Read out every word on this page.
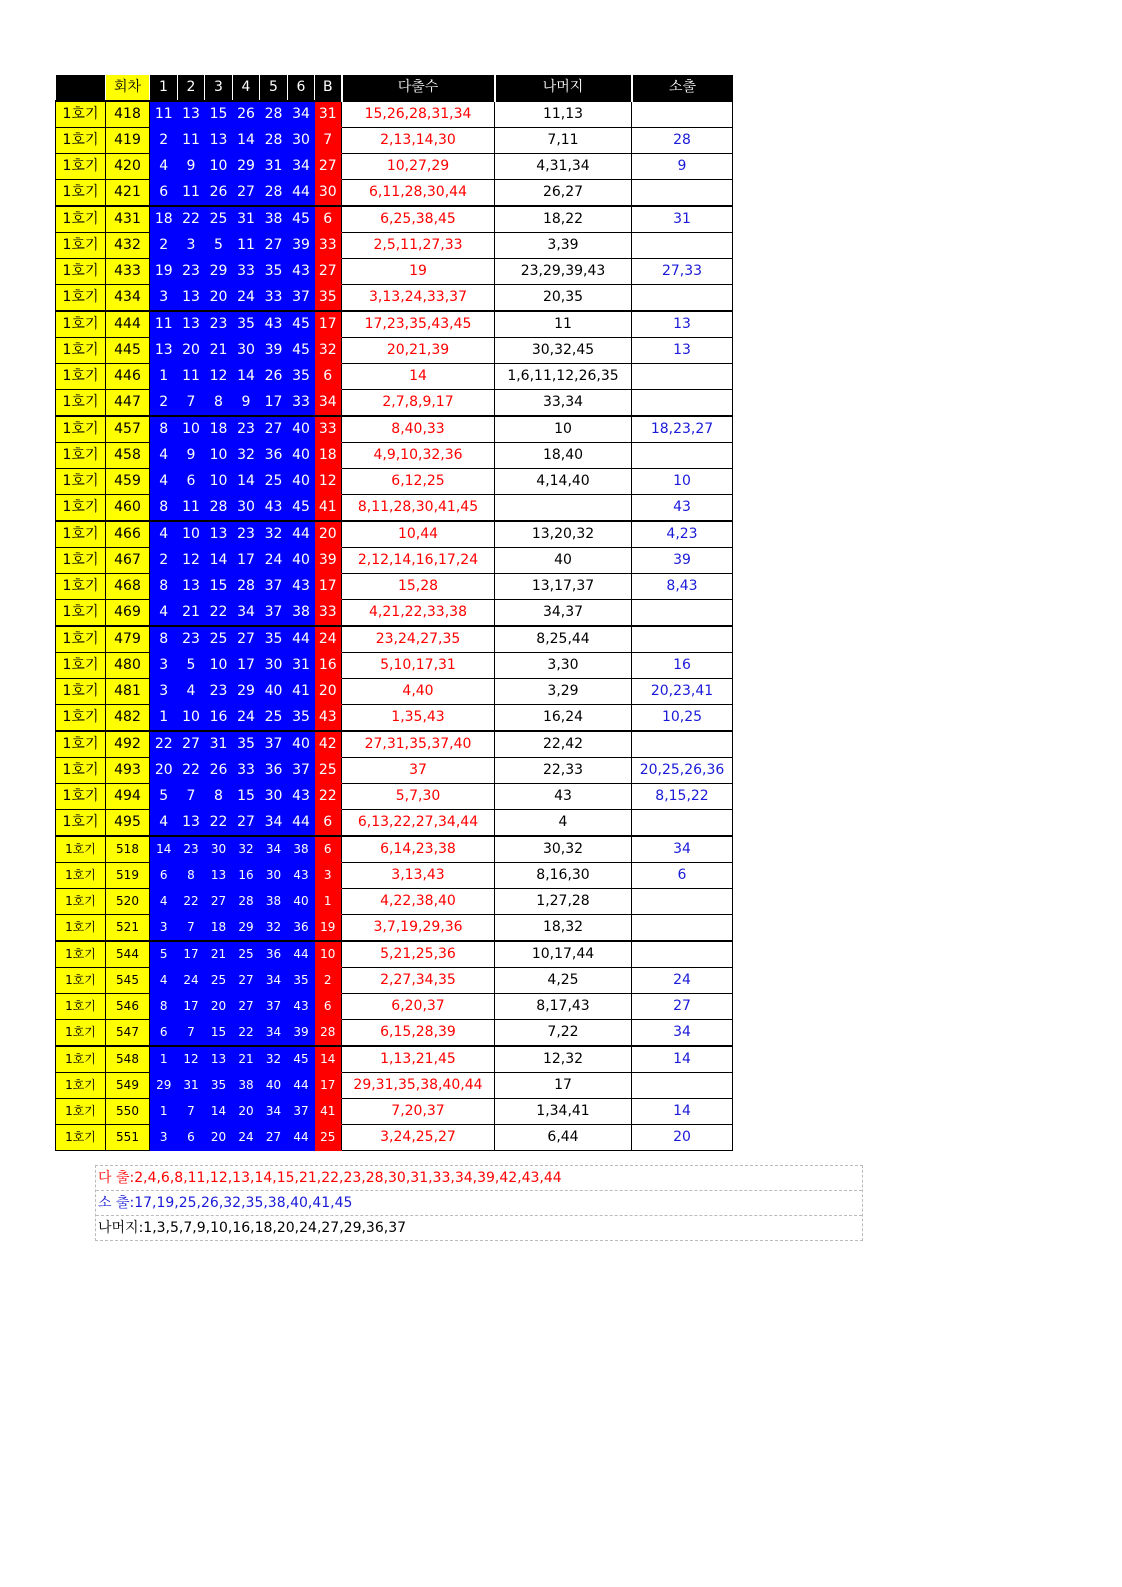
	회차	1	2	3	4	5	6	B	다출수	나머지	소출
1호기	418	11	13	15	26	28	34	31	15,26,28,31,34	11,13	
1호기	419	2	11	13	14	28	30	7	2,13,14,30	7,11	28
1호기	420	4	9	10	29	31	34	27	10,27,29	4,31,34	9
1호기	421	6	11	26	27	28	44	30	6,11,28,30,44	26,27	
1호기	431	18	22	25	31	38	45	6	6,25,38,45	18,22	31
1호기	432	2	3	5	11	27	39	33	2,5,11,27,33	3,39	
1호기	433	19	23	29	33	35	43	27	19	23,29,39,43	27,33
1호기	434	3	13	20	24	33	37	35	3,13,24,33,37	20,35	
1호기	444	11	13	23	35	43	45	17	17,23,35,43,45	11	13
1호기	445	13	20	21	30	39	45	32	20,21,39	30,32,45	13
1호기	446	1	11	12	14	26	35	6	14	1,6,11,12,26,35	
1호기	447	2	7	8	9	17	33	34	2,7,8,9,17	33,34	
1호기	457	8	10	18	23	27	40	33	8,40,33	10	18,23,27
1호기	458	4	9	10	32	36	40	18	4,9,10,32,36	18,40	
1호기	459	4	6	10	14	25	40	12	6,12,25	4,14,40	10
1호기	460	8	11	28	30	43	45	41	8,11,28,30,41,45		43
1호기	466	4	10	13	23	32	44	20	10,44	13,20,32	4,23
1호기	467	2	12	14	17	24	40	39	2,12,14,16,17,24	40	39
1호기	468	8	13	15	28	37	43	17	15,28	13,17,37	8,43
1호기	469	4	21	22	34	37	38	33	4,21,22,33,38	34,37	
1호기	479	8	23	25	27	35	44	24	23,24,27,35	8,25,44	
1호기	480	3	5	10	17	30	31	16	5,10,17,31	3,30	16
1호기	481	3	4	23	29	40	41	20	4,40	3,29	20,23,41
1호기	482	1	10	16	24	25	35	43	1,35,43	16,24	10,25
1호기	492	22	27	31	35	37	40	42	27,31,35,37,40	22,42	
1호기	493	20	22	26	33	36	37	25	37	22,33	20,25,26,36
1호기	494	5	7	8	15	30	43	22	5,7,30	43	8,15,22
1호기	495	4	13	22	27	34	44	6	6,13,22,27,34,44	4	
1호기	518	14	23	30	32	34	38	6	6,14,23,38	30,32	34
1호기	519	6	8	13	16	30	43	3	3,13,43	8,16,30	6
1호기	520	4	22	27	28	38	40	1	4,22,38,40	1,27,28	
1호기	521	3	7	18	29	32	36	19	3,7,19,29,36	18,32	
1호기	544	5	17	21	25	36	44	10	5,21,25,36	10,17,44	
1호기	545	4	24	25	27	34	35	2	2,27,34,35	4,25	24
1호기	546	8	17	20	27	37	43	6	6,20,37	8,17,43	27
1호기	547	6	7	15	22	34	39	28	6,15,28,39	7,22	34
1호기	548	1	12	13	21	32	45	14	1,13,21,45	12,32	14
1호기	549	29	31	35	38	40	44	17	29,31,35,38,40,44	17	
1호기	550	1	7	14	20	34	37	41	7,20,37	1,34,41	14
1호기	551	3	6	20	24	27	44	25	3,24,25,27	6,44	20
다 출:2,4,6,8,11,12,13,14,15,21,22,23,28,30,31,33,34,39,42,43,44
소 출:17,19,25,26,32,35,38,40,41,45
나머지:1,3,5,7,9,10,16,18,20,24,27,29,36,37
